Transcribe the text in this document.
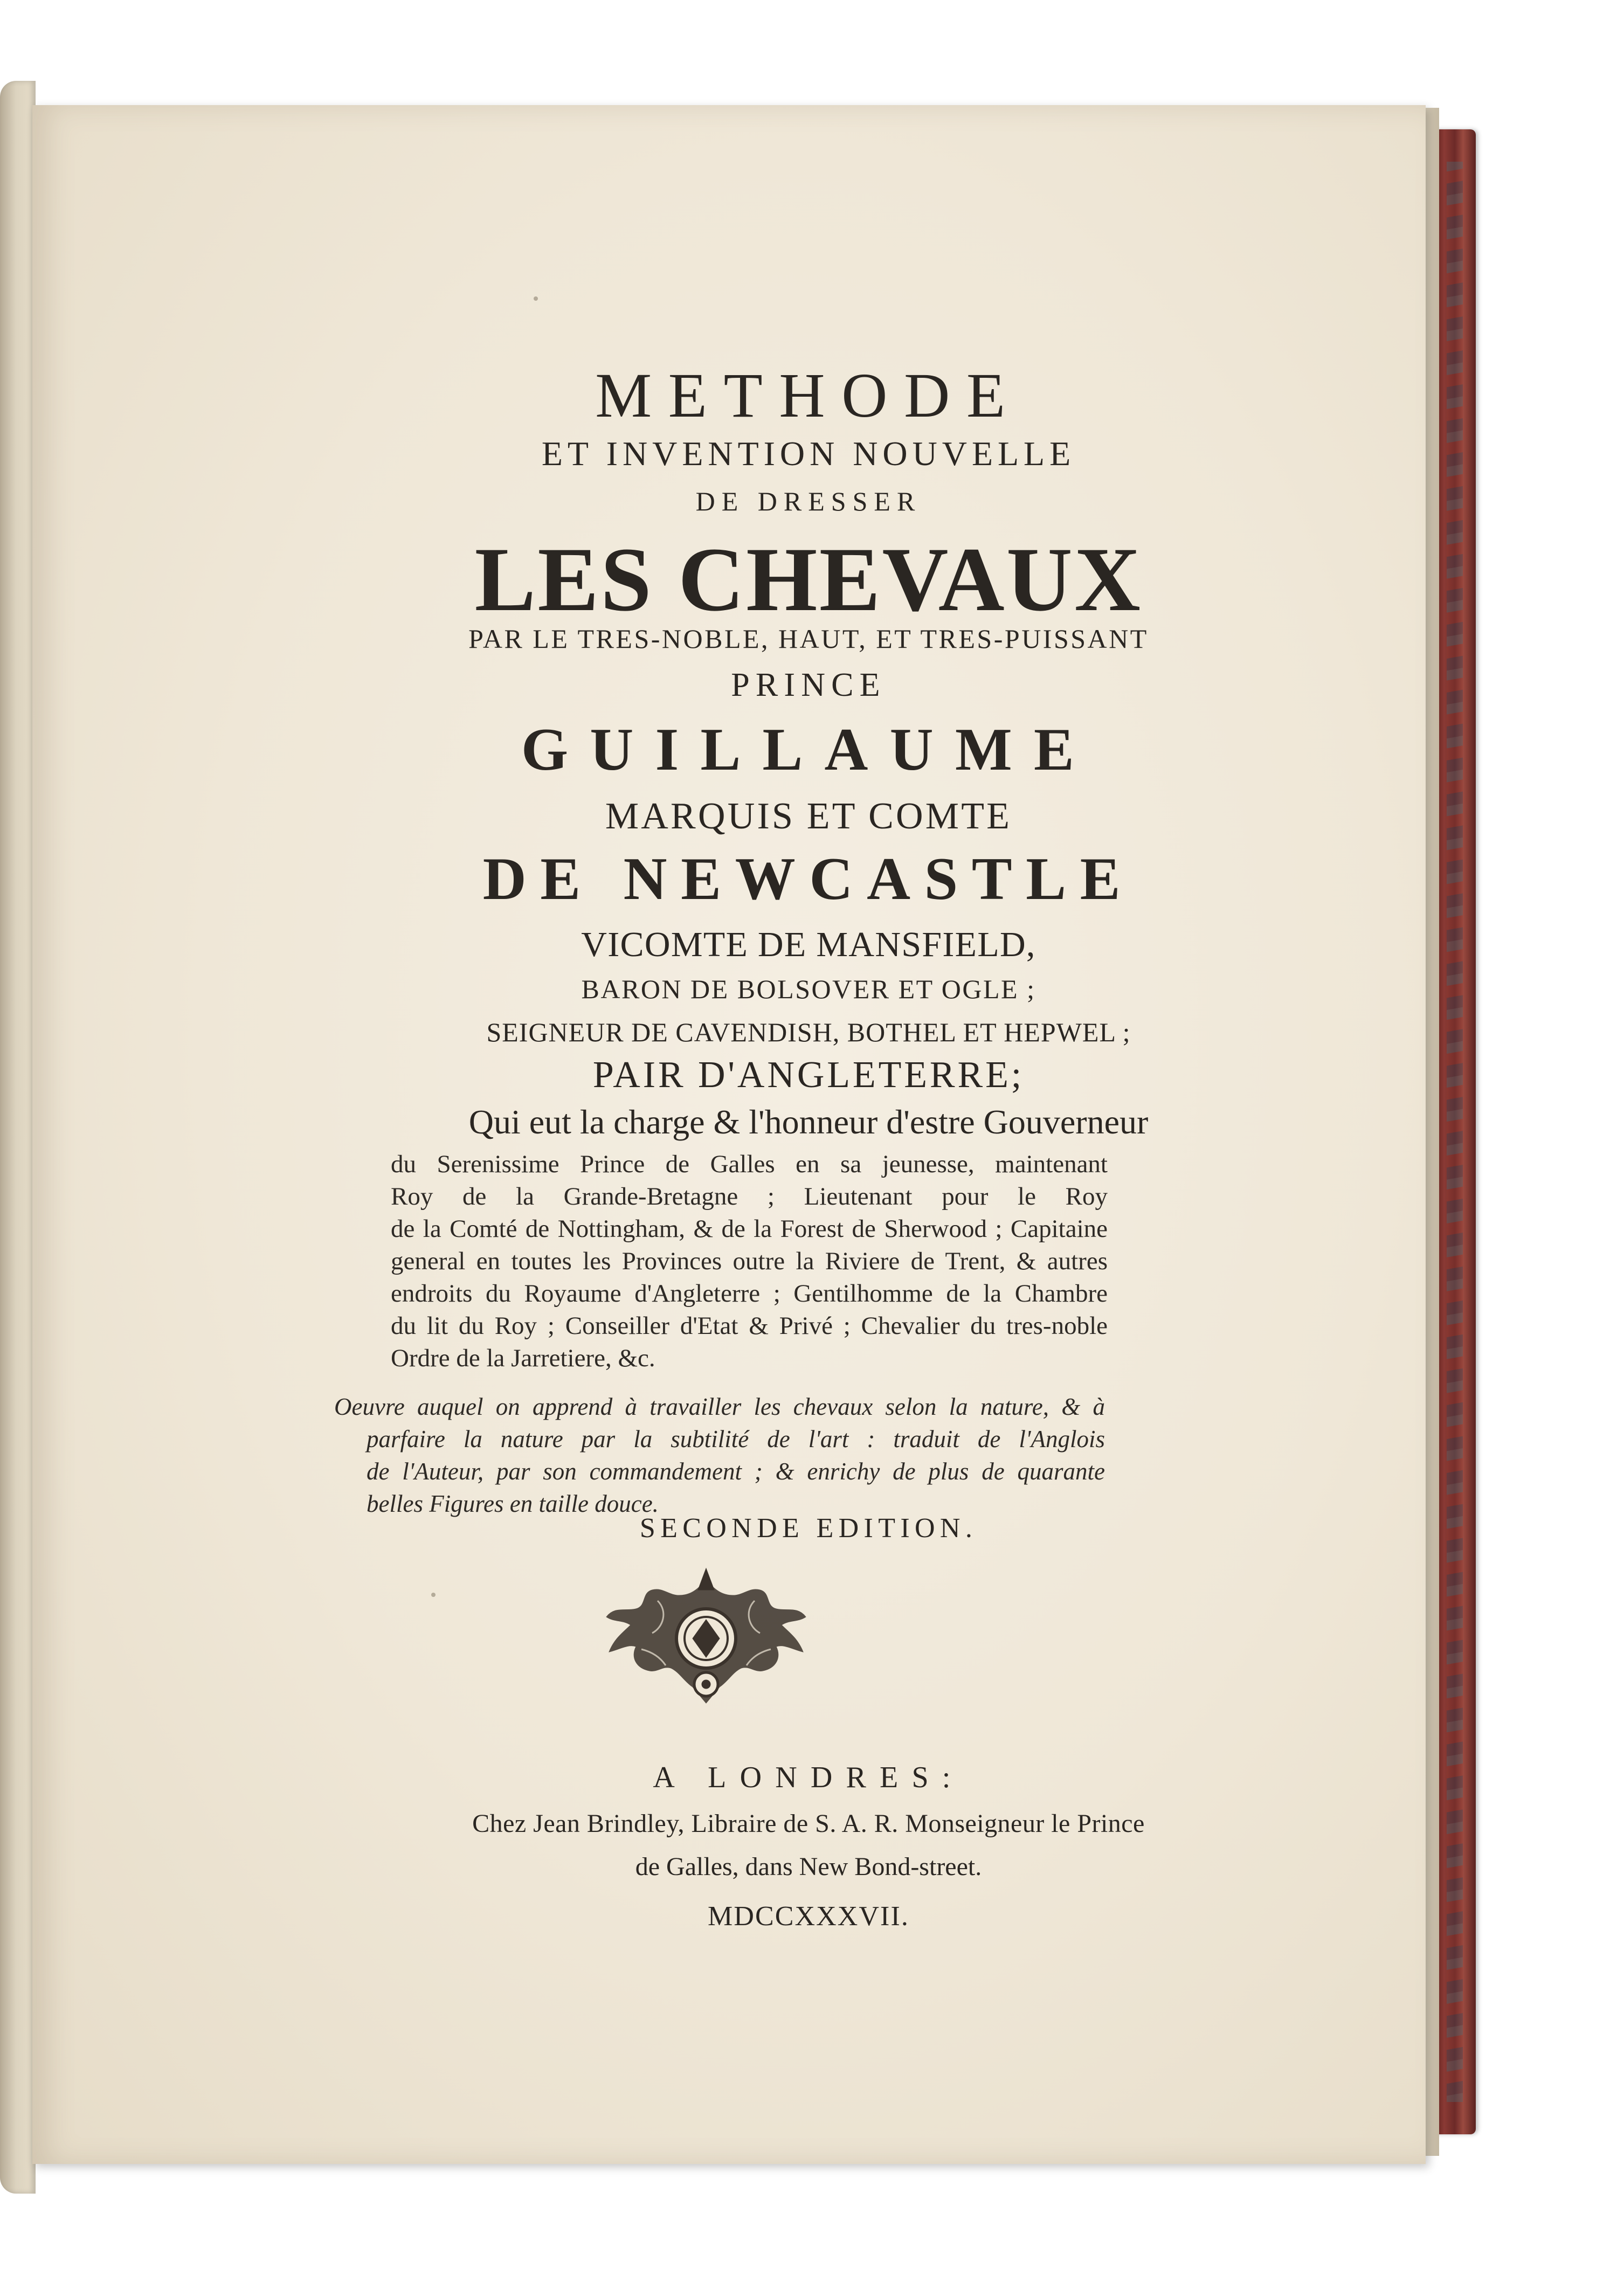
METHODE
ET INVENTION NOUVELLE
DE DRESSER
LES CHEVAUX
PAR LE TRES-NOBLE, HAUT, ET TRES-PUISSANT
PRINCE
GUILLAUME
MARQUIS ET COMTE
DE NEWCASTLE
VICOMTE DE MANSFIELD,
BARON DE BOLSOVER ET OGLE ;
SEIGNEUR DE CAVENDISH, BOTHEL ET HEPWEL ;
PAIR D'ANGLETERRE;
Qui eut la charge & l'honneur d'estre Gouverneur
du Serenissime Prince de Galles en sa jeunesse, maintenant
Roy de la Grande-Bretagne ; Lieutenant pour le Roy
de la Comté de Nottingham, & de la Forest de Sherwood ; Capitaine
general en toutes les Provinces outre la Riviere de Trent, & autres
endroits du Royaume d'Angleterre ; Gentilhomme de la Chambre
du lit du Roy ; Conseiller d'Etat & Privé ; Chevalier du tres-noble
Ordre de la Jarretiere, &c.
Oeuvre auquel on apprend à travailler les chevaux selon la nature, & à
parfaire la nature par la subtilité de l'art : traduit de l'Anglois
de l'Auteur, par son commandement ; & enrichy de plus de quarante
belles Figures en taille douce.
SECONDE EDITION.
A LONDRES:
Chez Jean Brindley, Libraire de S. A. R. Monseigneur le Prince
de Galles, dans New Bond-street.
MDCCXXXVII.
